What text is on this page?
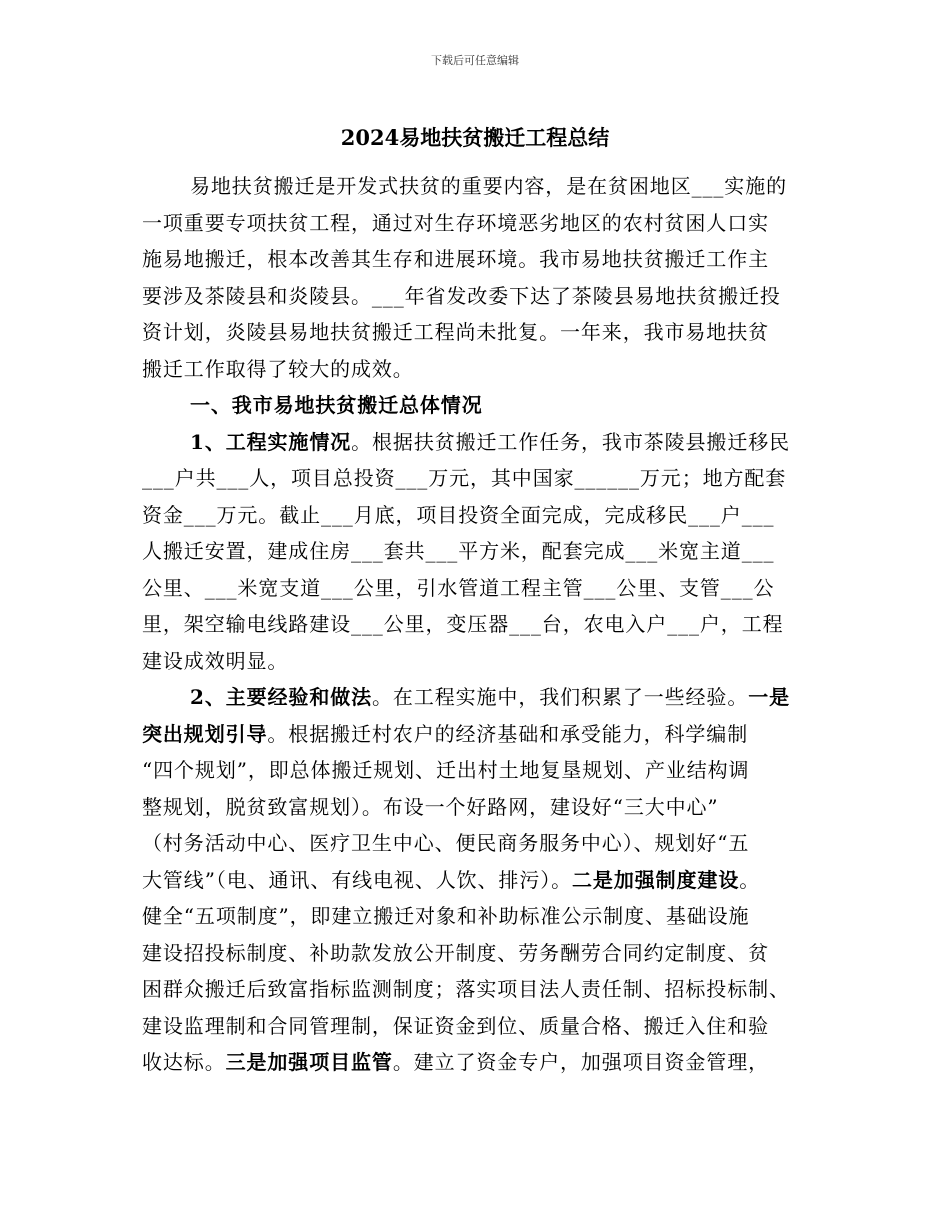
下载后可任意编辑
2024易地扶贫搬迁工程总结
易地扶贫搬迁是开发式扶贫的重要内容，是在贫困地区___实施的
一项重要专项扶贫工程，通过对生存环境恶劣地区的农村贫困人口实
施易地搬迁，根本改善其生存和进展环境。我市易地扶贫搬迁工作主
要涉及茶陵县和炎陵县。___年省发改委下达了茶陵县易地扶贫搬迁投
资计划，炎陵县易地扶贫搬迁工程尚未批复。一年来，我市易地扶贫
搬迁工作取得了较大的成效。
一、我市易地扶贫搬迁总体情况
1、工程实施情况。根据扶贫搬迁工作任务，我市茶陵县搬迁移民
___户共___人，项目总投资___万元，其中国家______万元；地方配套
资金___万元。截止___月底，项目投资全面完成，完成移民___户___
人搬迁安置，建成住房___套共___平方米，配套完成___米宽主道___
公里、___米宽支道___公里，引水管道工程主管___公里、支管___公
里，架空输电线路建设___公里，变压器___台，农电入户___户，工程
建设成效明显。
2、主要经验和做法。在工程实施中，我们积累了一些经验。一是
突出规划引导。根据搬迁村农户的经济基础和承受能力，科学编制
“四个规划”，即总体搬迁规划、迁出村土地复垦规划、产业结构调
整规划，脱贫致富规划）。布设一个好路网，建设好“三大中心”
（村务活动中心、医疗卫生中心、便民商务服务中心）、规划好“五
大管线”（电、通讯、有线电视、人饮、排污）。二是加强制度建设。
健全“五项制度”，即建立搬迁对象和补助标准公示制度、基础设施
建设招投标制度、补助款发放公开制度、劳务酬劳合同约定制度、贫
困群众搬迁后致富指标监测制度；落实项目法人责任制、招标投标制、
建设监理制和合同管理制，保证资金到位、质量合格、搬迁入住和验
收达标。三是加强项目监管。建立了资金专户，加强项目资金管理，
